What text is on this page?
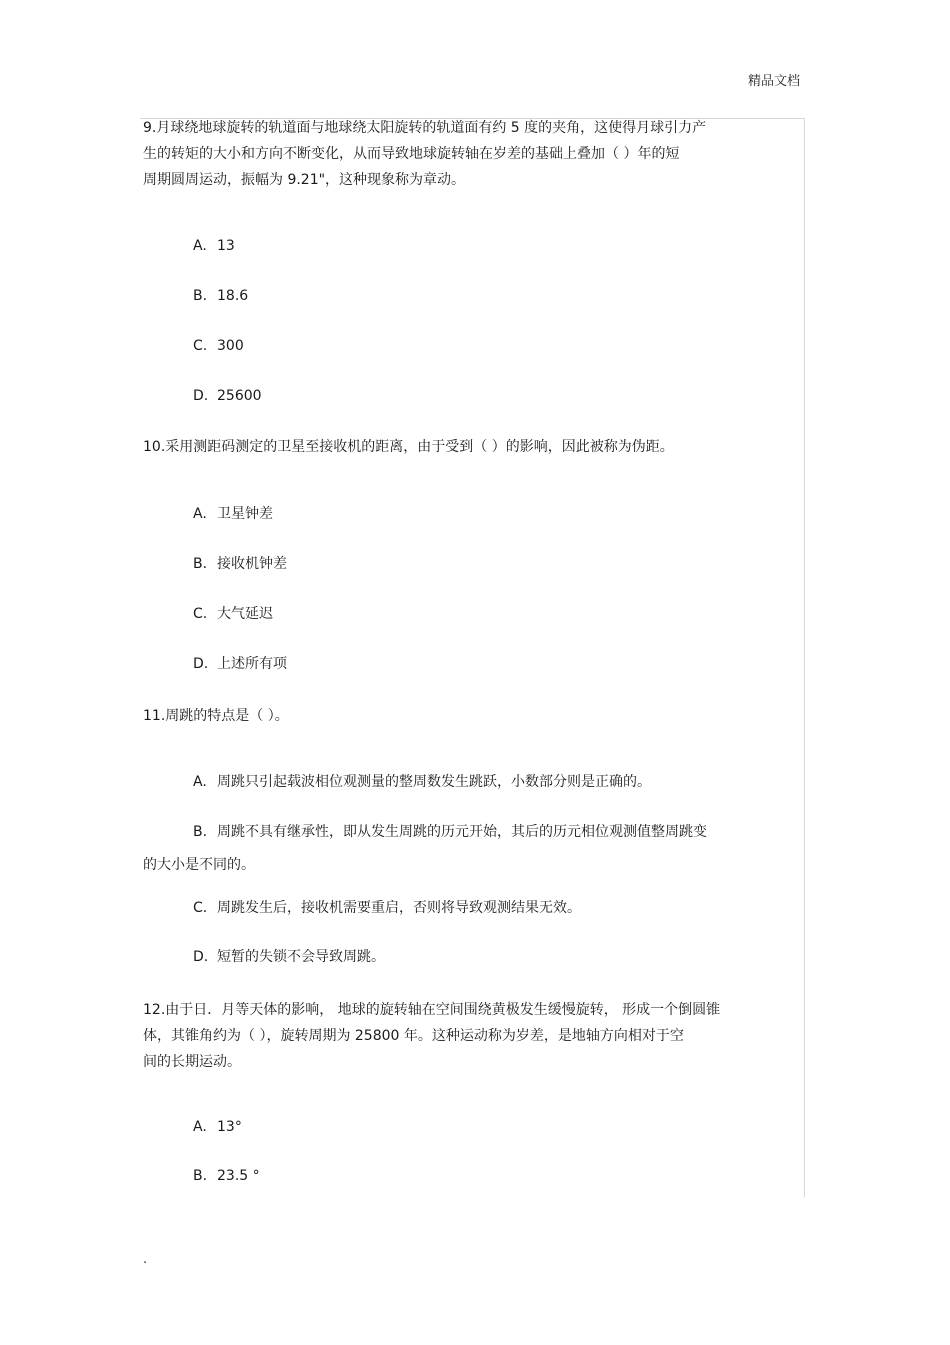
精品文档
9.月球绕地球旋转的轨道面与地球绕太阳旋转的轨道面有约 5 度的夹角，这使得月球引力产
生的转矩的大小和方向不断变化，从而导致地球旋转轴在岁差的基础上叠加（ ）年的短
周期圆周运动，振幅为 9.21"，这种现象称为章动。
A. 13
B. 18.6
C. 300
D. 25600
10.采用测距码测定的卫星至接收机的距离，由于受到（ ）的影响，因此被称为伪距。
A. 卫星钟差
B. 接收机钟差
C. 大气延迟
D. 上述所有项
11.周跳的特点是（ ）。
A. 周跳只引起载波相位观测量的整周数发生跳跃，小数部分则是正确的。
B. 周跳不具有继承性，即从发生周跳的历元开始，其后的历元相位观测值整周跳变
的大小是不同的。
C. 周跳发生后，接收机需要重启，否则将导致观测结果无效。
D. 短暂的失锁不会导致周跳。
12.由于日．月等天体的影响， 地球的旋转轴在空间围绕黄极发生缓慢旋转， 形成一个倒圆锥
体，其锥角约为（ ），旋转周期为 25800 年。这种运动称为岁差，是地轴方向相对于空
间的长期运动。
A. 13°
B. 23.5 °
.
